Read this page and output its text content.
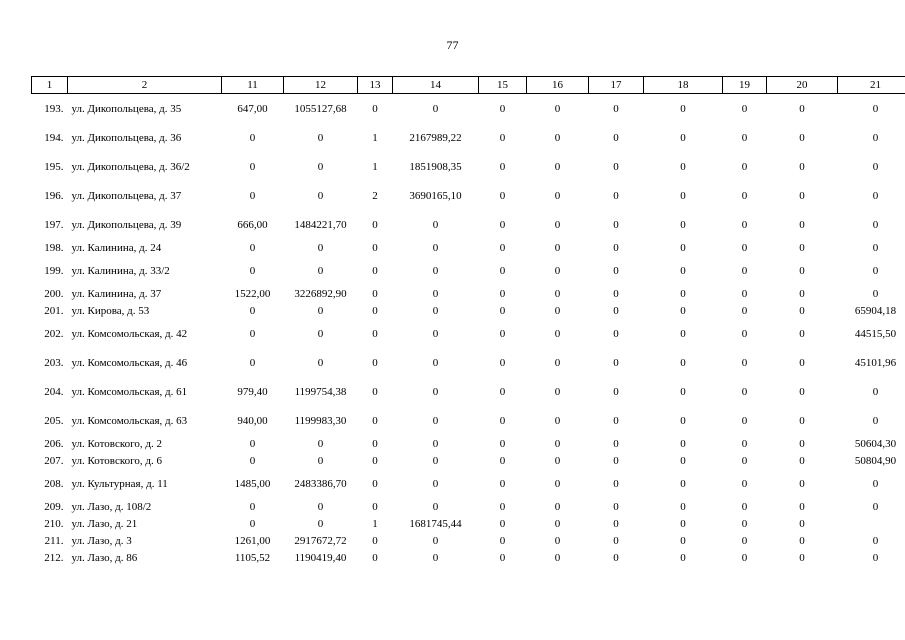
77
1	2	11	12	13	14	15	16	17	18	19	20	21
193.	ул. Дикопольцева, д. 35	647,00	1055127,68	0	0	0	0	0	0	0	0	0
194.	ул. Дикопольцева, д. 36	0	0	1	2167989,22	0	0	0	0	0	0	0
195.	ул. Дикопольцева, д. 36/2	0	0	1	1851908,35	0	0	0	0	0	0	0
196.	ул. Дикопольцева, д. 37	0	0	2	3690165,10	0	0	0	0	0	0	0
197.	ул. Дикопольцева, д. 39	666,00	1484221,70	0	0	0	0	0	0	0	0	0
198.	ул. Калинина, д. 24	0	0	0	0	0	0	0	0	0	0	0
199.	ул. Калинина, д. 33/2	0	0	0	0	0	0	0	0	0	0	0
200.	ул. Калинина, д. 37	1522,00	3226892,90	0	0	0	0	0	0	0	0	0
201.	ул. Кирова, д. 53	0	0	0	0	0	0	0	0	0	0	65904,18
202.	ул. Комсомольская, д. 42	0	0	0	0	0	0	0	0	0	0	44515,50
203.	ул. Комсомольская, д. 46	0	0	0	0	0	0	0	0	0	0	45101,96
204.	ул. Комсомольская, д. 61	979,40	1199754,38	0	0	0	0	0	0	0	0	0
205.	ул. Комсомольская, д. 63	940,00	1199983,30	0	0	0	0	0	0	0	0	0
206.	ул. Котовского, д. 2	0	0	0	0	0	0	0	0	0	0	50604,30
207.	ул. Котовского, д. 6	0	0	0	0	0	0	0	0	0	0	50804,90
208.	ул. Культурная, д. 11	1485,00	2483386,70	0	0	0	0	0	0	0	0	0
209.	ул. Лазо, д. 108/2	0	0	0	0	0	0	0	0	0	0	0
210.	ул. Лазо, д. 21	0	0	1	1681745,44	0	0	0	0	0	0	
211.	ул. Лазо, д. 3	1261,00	2917672,72	0	0	0	0	0	0	0	0	0
212.	ул. Лазо, д. 86	1105,52	1190419,40	0	0	0	0	0	0	0	0	0
